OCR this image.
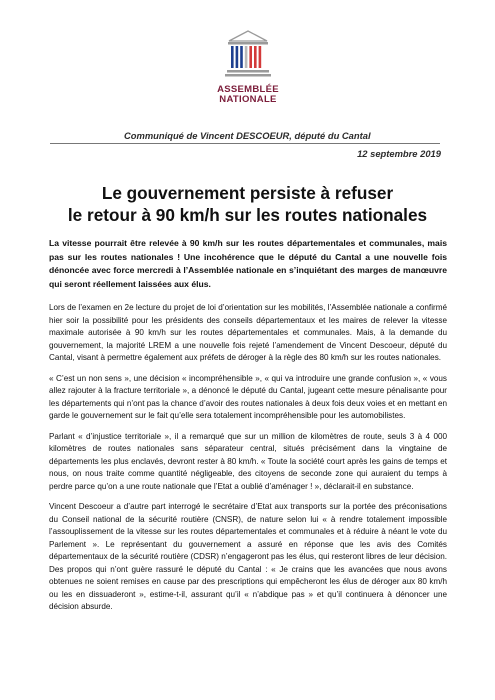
ASSEMBLÉE
NATIONALE
Communiqué de Vincent DESCOEUR, député du Cantal
12 septembre 2019
Le gouvernement persiste à refuser
le retour à 90 km/h sur les routes nationales

La vitesse pourrait être relevée à 90 km/h sur les routes départementales et communales, mais pas sur les routes nationales ! Une incohérence que le député du Cantal a une nouvelle fois dénoncée avec force mercredi à l’Assemblée nationale en s’inquiétant des marges de manœuvre qui seront réellement laissées aux élus.

Lors de l’examen en 2e lecture du projet de loi d’orientation sur les mobilités, l’Assemblée nationale a confirmé hier soir la possibilité pour les présidents des conseils départementaux et les maires de relever la vitesse maximale autorisée à 90 km/h sur les routes départementales et communales. Mais, à la demande du gouvernement, la majorité LREM a une nouvelle fois rejeté l’amendement de Vincent Descoeur, député du Cantal, visant à permettre également aux préfets de déroger à la règle des 80 km/h sur les routes nationales.

« C’est un non sens », une décision « incompréhensible », « qui va introduire une grande confusion », « vous allez rajouter à la fracture territoriale », a dénoncé le député du Cantal, jugeant cette mesure pénalisante pour les départements qui n’ont pas la chance d’avoir des routes nationales à deux fois deux voies et en mettant en garde le gouvernement sur le fait qu’elle sera totalement incompréhensible pour les automobilistes.

Parlant « d’injustice territoriale », il a remarqué que sur un million de kilomètres de route, seuls 3 à 4 000 kilomètres de routes nationales sans séparateur central, situés précisément dans la vingtaine de départements les plus enclavés, devront rester à 80 km/h. « Toute la société court après les gains de temps et nous, on nous traite comme quantité négligeable, des citoyens de seconde zone qui auraient du temps à perdre parce qu’on a une route nationale que l’Etat a oublié d’aménager ! », déclarait-il en substance.

Vincent Descoeur a d’autre part interrogé le secrétaire d’Etat aux transports sur la portée des préconisations du Conseil national de la sécurité routière (CNSR), de nature selon lui « à rendre totalement impossible l’assouplissement de la vitesse sur les routes départementales et communales et à réduire à néant le vote du Parlement ». Le représentant du gouvernement a assuré en réponse que les avis des Comités départementaux de la sécurité routière (CDSR) n’engageront pas les élus, qui resteront libres de leur décision. Des propos qui n’ont guère rassuré le député du Cantal : « Je crains que les avancées que nous avons obtenues ne soient remises en cause par des prescriptions qui empêcheront les élus de déroger aux 80 km/h ou les en dissuaderont », estime-t-il, assurant qu’il « n’abdique pas » et qu’il continuera à dénoncer une décision absurde.
